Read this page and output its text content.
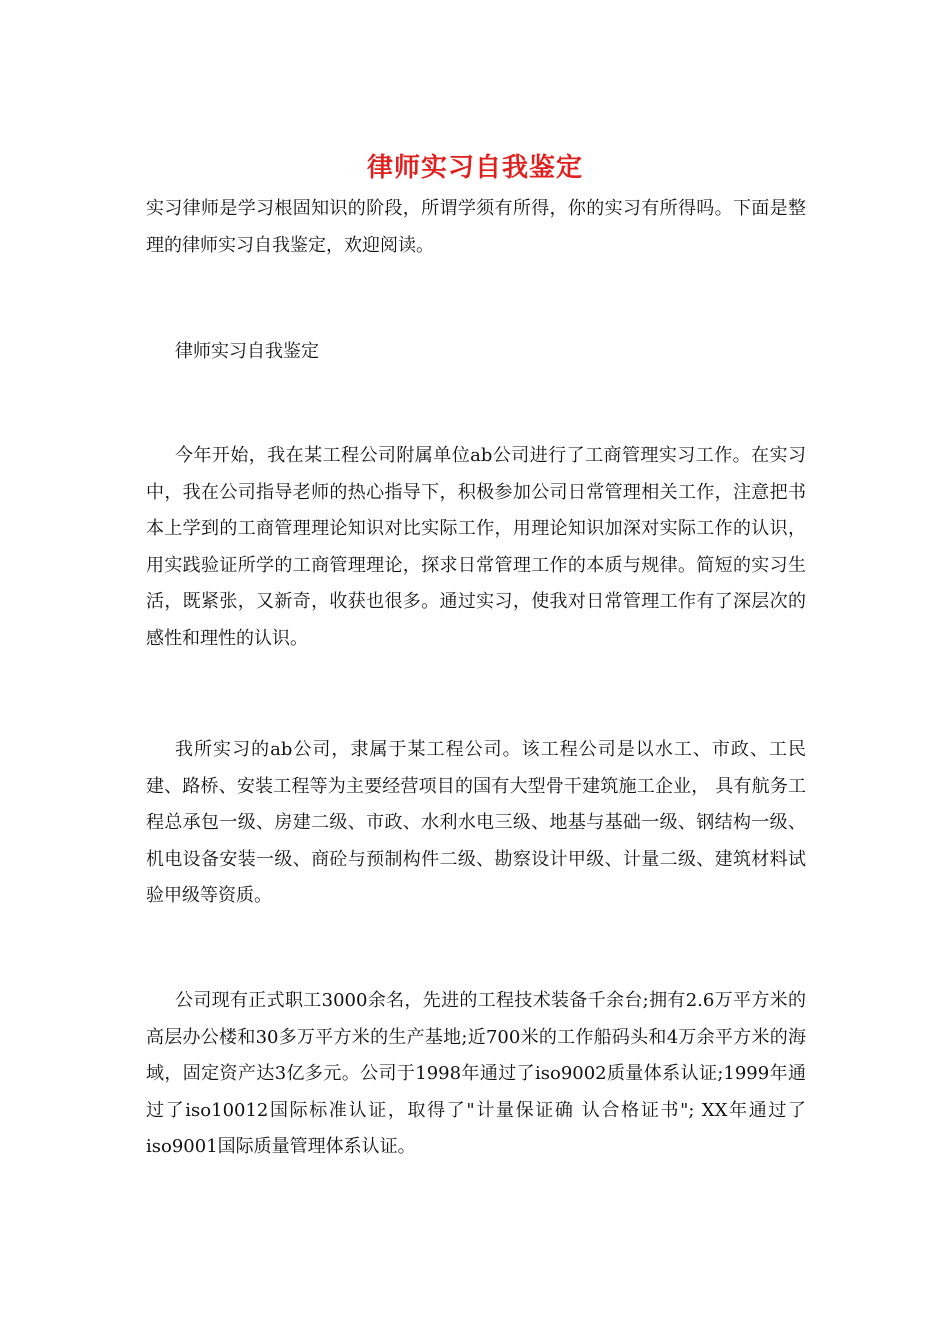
律师实习自我鉴定

实习律师是学习根固知识的阶段，所谓学须有所得，你的实习有所得吗。下面是整理的律师实习自我鉴定，欢迎阅读。

律师实习自我鉴定

今年开始，我在某工程公司附属单位ab公司进行了工商管理实习工作。在实习中，我在公司指导老师的热心指导下，积极参加公司日常管理相关工作，注意把书本上学到的工商管理理论知识对比实际工作，用理论知识加深对实际工作的认识，用实践验证所学的工商管理理论，探求日常管理工作的本质与规律。简短的实习生活，既紧张，又新奇，收获也很多。通过实习，使我对日常管理工作有了深层次的感性和理性的认识。

我所实习的ab公司，隶属于某工程公司。该工程公司是以水工、市政、工民建、路桥、安装工程等为主要经营项目的国有大型骨干建筑施工企业， 具有航务工程总承包一级、房建二级、市政、水利水电三级、地基与基础一级、钢结构一级、机电设备安装一级、商砼与预制构件二级、勘察设计甲级、计量二级、建筑材料试验甲级等资质。

公司现有正式职工3000余名，先进的工程技术装备千余台;拥有2.6万平方米的高层办公楼和30多万平方米的生产基地;近700米的工作船码头和4万余平方米的海域，固定资产达3亿多元。公司于1998年通过了iso9002质量体系认证;1999年通过了iso10012国际标准认证，取得了"计量保证确 认合格证书"; XX年通过了iso9001国际质量管理体系认证。
